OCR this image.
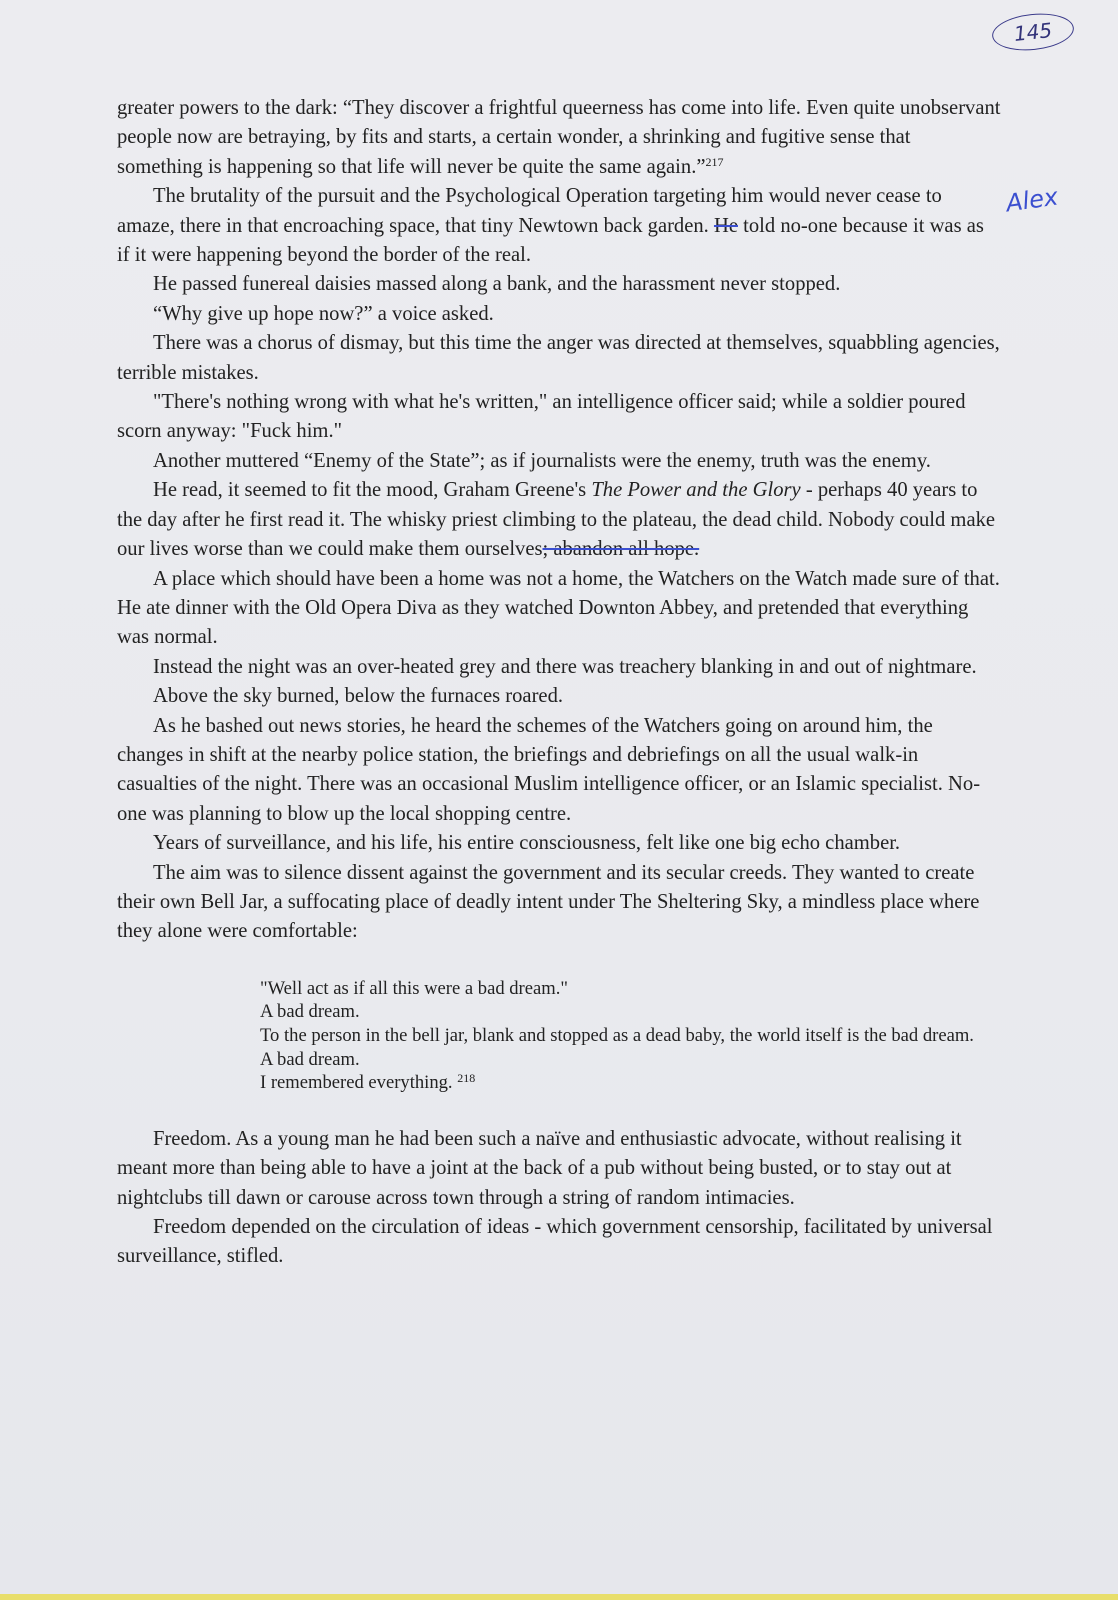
145
Alex

greater powers to the dark: “They discover a frightful queerness has come into life. Even quite unobservant people now are betraying, by fits and starts, a certain wonder, a shrinking and fugitive sense that something is happening so that life will never be quite the same again.”$^{217}$

The brutality of the pursuit and the Psychological Operation targeting him would never cease to amaze, there in that encroaching space, that tiny Newtown back garden. He told no-one because it was as if it were happening beyond the border of the real.

He passed funereal daisies massed along a bank, and the harassment never stopped.

“Why give up hope now?” a voice asked.

There was a chorus of dismay, but this time the anger was directed at themselves, squabbling agencies, terrible mistakes.

"There's nothing wrong with what he's written," an intelligence officer said; while a soldier poured scorn anyway: "Fuck him."

Another muttered “Enemy of the State”; as if journalists were the enemy, truth was the enemy.

He read, it seemed to fit the mood, Graham Greene's The Power and the Glory - perhaps 40 years to the day after he first read it. The whisky priest climbing to the plateau, the dead child. Nobody could make our lives worse than we could make them ourselves; abandon all hope.

A place which should have been a home was not a home, the Watchers on the Watch made sure of that. He ate dinner with the Old Opera Diva as they watched Downton Abbey, and pretended that everything was normal.

Instead the night was an over-heated grey and there was treachery blanking in and out of nightmare.

Above the sky burned, below the furnaces roared.

As he bashed out news stories, he heard the schemes of the Watchers going on around him, the changes in shift at the nearby police station, the briefings and debriefings on all the usual walk-in casualties of the night. There was an occasional Muslim intelligence officer, or an Islamic specialist. No-one was planning to blow up the local shopping centre.

Years of surveillance, and his life, his entire consciousness, felt like one big echo chamber.

The aim was to silence dissent against the government and its secular creeds. They wanted to create their own Bell Jar, a suffocating place of deadly intent under The Sheltering Sky, a mindless place where they alone were comfortable:

"Well act as if all this were a bad dream."
A bad dream.
To the person in the bell jar, blank and stopped as a dead baby, the world itself is the bad dream.
A bad dream.
I remembered everything. $^{218}$

Freedom. As a young man he had been such a naïve and enthusiastic advocate, without realising it meant more than being able to have a joint at the back of a pub without being busted, or to stay out at nightclubs till dawn or carouse across town through a string of random intimacies.

Freedom depended on the circulation of ideas - which government censorship, facilitated by universal surveillance, stifled.
